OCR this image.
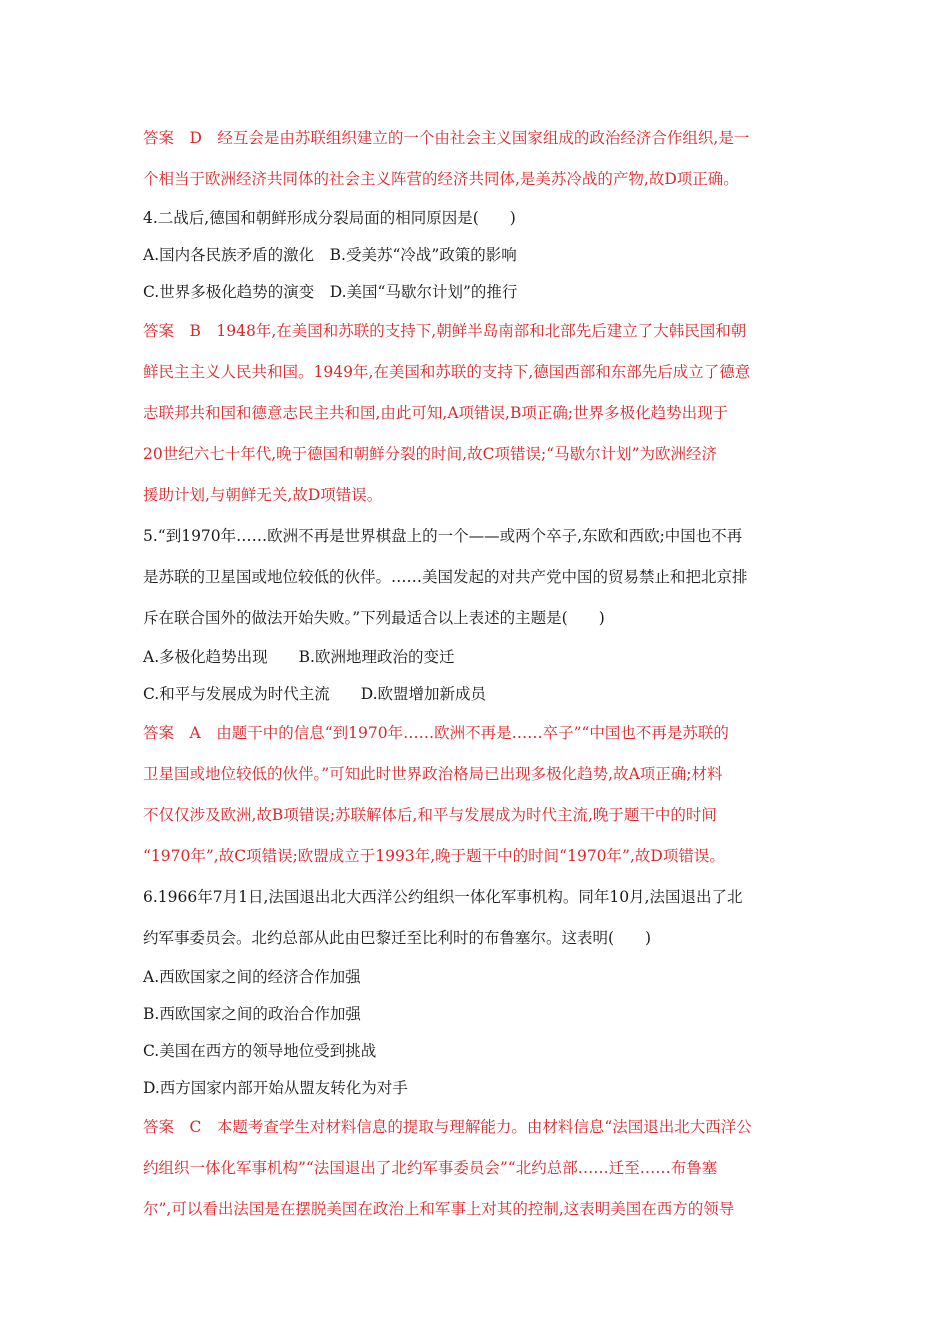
答案　D　经互会是由苏联组织建立的一个由社会主义国家组成的政治经济合作组织,是一
个相当于欧洲经济共同体的社会主义阵营的经济共同体,是美苏冷战的产物,故D项正确。
4.二战后,德国和朝鲜形成分裂局面的相同原因是(　　)
A.国内各民族矛盾的激化　B.受美苏“冷战”政策的影响
C.世界多极化趋势的演变　D.美国“马歇尔计划”的推行
答案　B　1948年,在美国和苏联的支持下,朝鲜半岛南部和北部先后建立了大韩民国和朝
鲜民主主义人民共和国。1949年,在美国和苏联的支持下,德国西部和东部先后成立了德意
志联邦共和国和德意志民主共和国,由此可知,A项错误,B项正确;世界多极化趋势出现于
20世纪六七十年代,晚于德国和朝鲜分裂的时间,故C项错误;“马歇尔计划”为欧洲经济
援助计划,与朝鲜无关,故D项错误。
5.“到1970年……欧洲不再是世界棋盘上的一个——或两个卒子,东欧和西欧;中国也不再
是苏联的卫星国或地位较低的伙伴。……美国发起的对共产党中国的贸易禁止和把北京排
斥在联合国外的做法开始失败。”下列最适合以上表述的主题是(　　)
A.多极化趋势出现　　B.欧洲地理政治的变迁
C.和平与发展成为时代主流　　D.欧盟增加新成员
答案　A　由题干中的信息“到1970年……欧洲不再是……卒子”“中国也不再是苏联的
卫星国或地位较低的伙伴。”可知此时世界政治格局已出现多极化趋势,故A项正确;材料
不仅仅涉及欧洲,故B项错误;苏联解体后,和平与发展成为时代主流,晚于题干中的时间
“1970年”,故C项错误;欧盟成立于1993年,晚于题干中的时间“1970年”,故D项错误。
6.1966年7月1日,法国退出北大西洋公约组织一体化军事机构。同年10月,法国退出了北
约军事委员会。北约总部从此由巴黎迁至比利时的布鲁塞尔。这表明(　　)
A.西欧国家之间的经济合作加强
B.西欧国家之间的政治合作加强
C.美国在西方的领导地位受到挑战
D.西方国家内部开始从盟友转化为对手
答案　C　本题考查学生对材料信息的提取与理解能力。由材料信息“法国退出北大西洋公
约组织一体化军事机构”“法国退出了北约军事委员会”“北约总部……迁至……布鲁塞
尔”,可以看出法国是在摆脱美国在政治上和军事上对其的控制,这表明美国在西方的领导
